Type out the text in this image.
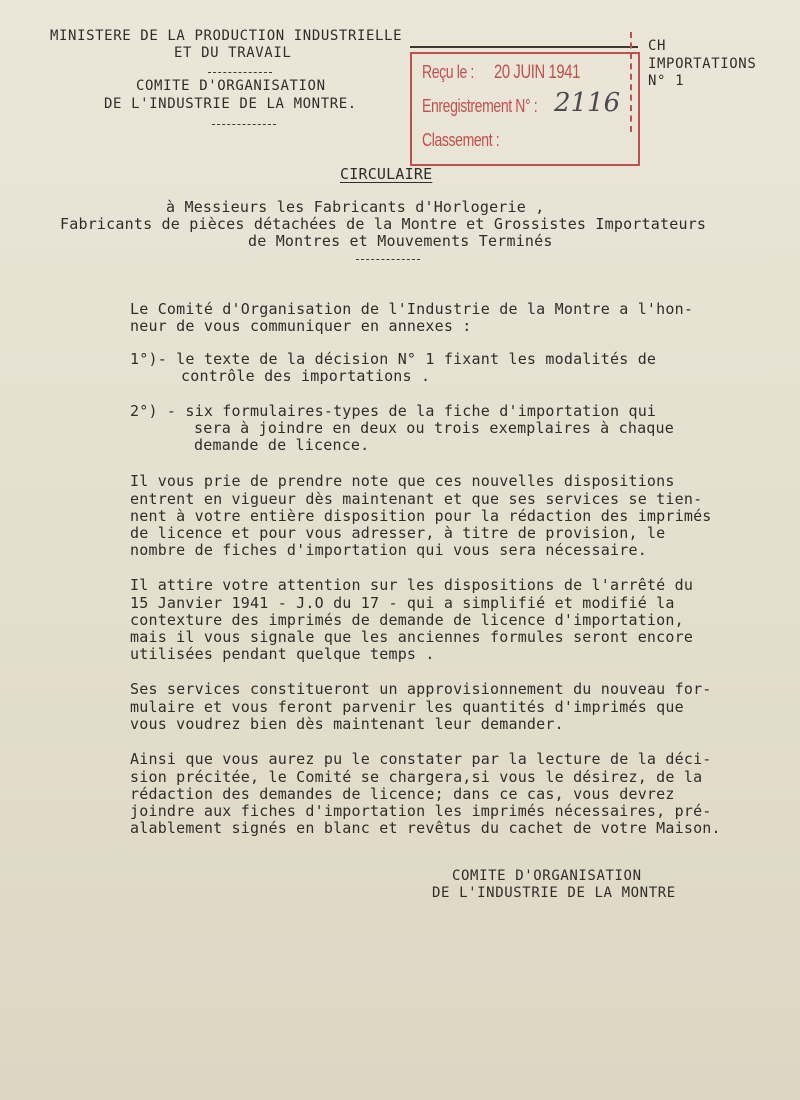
MINISTERE DE LA PRODUCTION INDUSTRIELLE
ET DU TRAVAIL
COMITE D'ORGANISATION
DE L'INDUSTRIE DE LA MONTRE.
CH
IMPORTATIONS
N° 1
Reçu le : 20 JUIN 1941
Enregistrement N° : 2116
Classement :
CIRCULAIRE
à Messieurs les Fabricants d'Horlogerie ,
Fabricants de pièces détachées de la Montre et Grossistes Importateurs
de Montres et Mouvements Terminés
Le Comité d'Organisation de l'Industrie de la Montre a l'hon-
neur de vous communiquer en annexes :
1°)- le texte de la décision N° 1 fixant les modalités de
contrôle des importations .
2°) - six formulaires-types de la fiche d'importation qui
sera à joindre en deux ou trois exemplaires à chaque
demande de licence.
Il vous prie de prendre note que ces nouvelles dispositions
entrent en vigueur dès maintenant et que ses services se tien-
nent à votre entière disposition pour la rédaction des imprimés
de licence et pour vous adresser, à titre de provision, le
nombre de fiches d'importation qui vous sera nécessaire.
Il attire votre attention sur les dispositions de l'arrêté du
15 Janvier 1941 - J.O du 17 - qui a simplifié et modifié la
contexture des imprimés de demande de licence d'importation,
mais il vous signale que les anciennes formules seront encore
utilisées pendant quelque temps .
Ses services constitueront un approvisionnement du nouveau for-
mulaire et vous feront parvenir les quantités d'imprimés que
vous voudrez bien dès maintenant leur demander.
Ainsi que vous aurez pu le constater par la lecture de la déci-
sion précitée, le Comité se chargera,si vous le désirez, de la
rédaction des demandes de licence; dans ce cas, vous devrez
joindre aux fiches d'importation les imprimés nécessaires, pré-
alablement signés en blanc et revêtus du cachet de votre Maison.
COMITE D'ORGANISATION
DE L'INDUSTRIE DE LA MONTRE
